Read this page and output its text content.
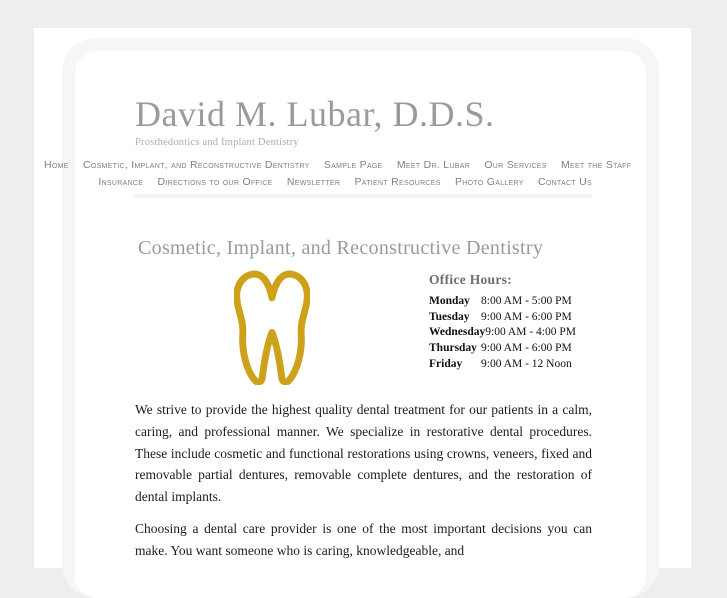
David M. Lubar, D.D.S.
Prosthedontics and Implant Dentistry
Home Cosmetic, Implant, and Reconstructive Dentistry Sample Page Meet Dr. Lubar Our Services Meet the Staff
Insurance Directions to our Office Newsletter Patient Resources Photo Gallery Contact Us
Cosmetic, Implant, and Reconstructive Dentistry
Office Hours:
Monday 8:00 AM - 5:00 PM
Tuesday	9:00 AM - 6:00 PM
Wednesday 9:00 AM - 4:00 PM
Thursday 9:00 AM - 6:00 PM
Friday	9:00 AM - 12 Noon

We strive to provide the highest quality dental treatment for our patients in a calm, caring, and professional manner. We specialize in restorative dental procedures. These include cosmetic and functional restorations using crowns, veneers, fixed and removable partial dentures, removable complete dentures, and the restoration of dental implants.

Choosing a dental care provider is one of the most important decisions you can make. You want someone who is caring, knowledgeable, and
